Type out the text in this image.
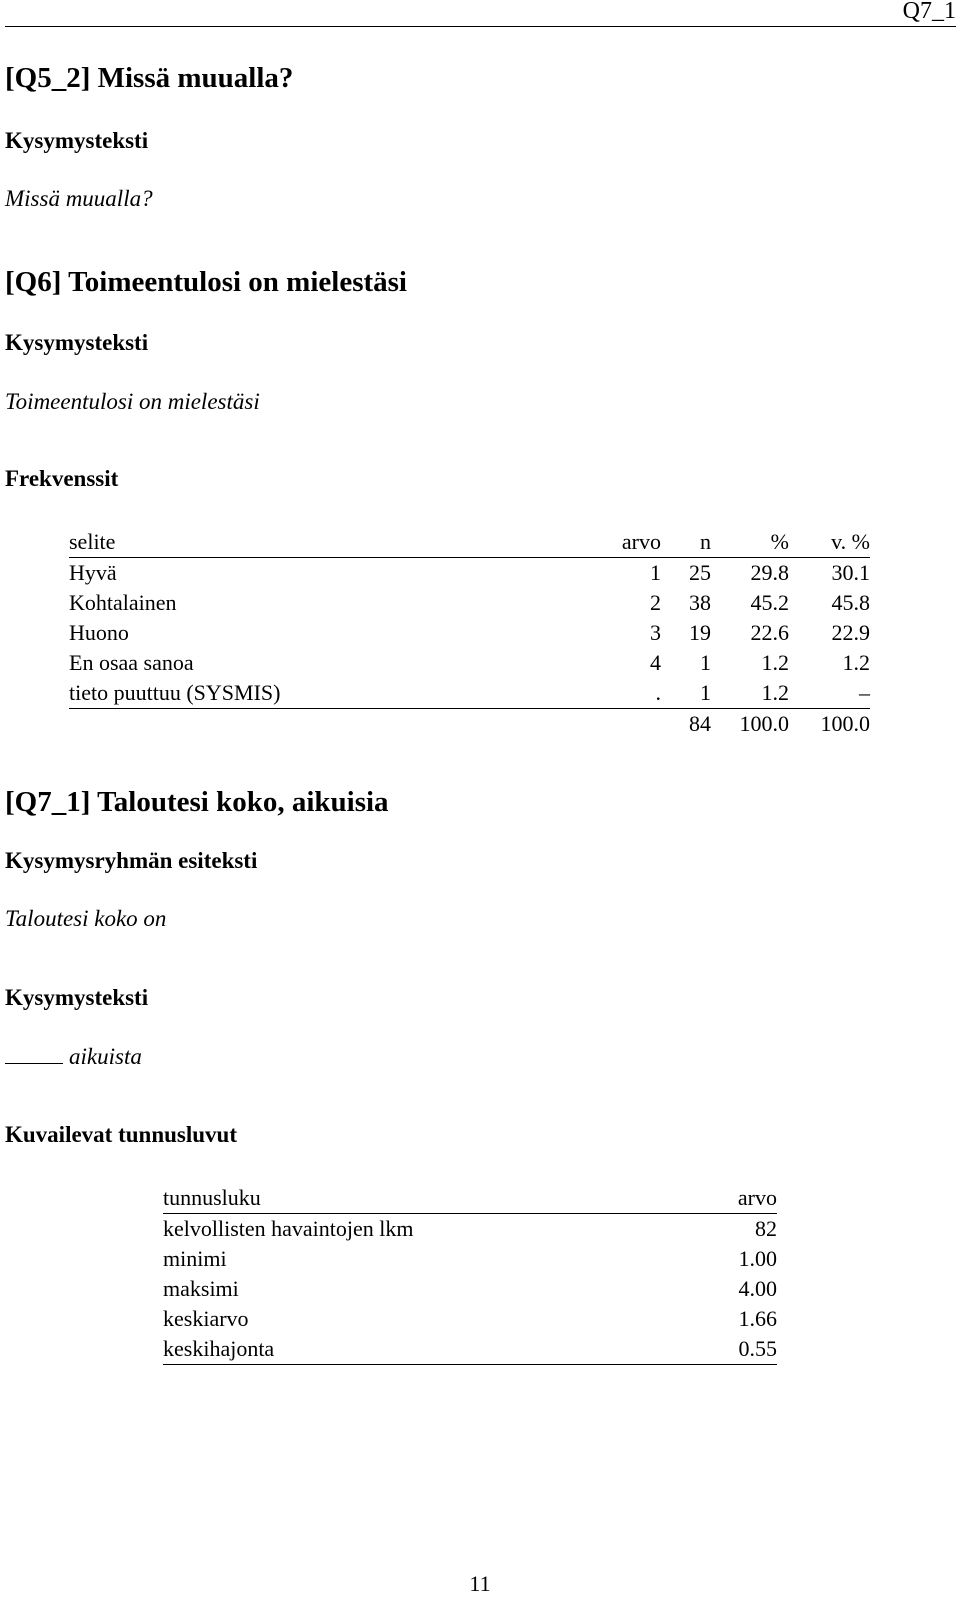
Q7_1
[Q5_2] Missä muualla?
Kysymysteksti
Missä muualla?
[Q6] Toimeentulosi on mielestäsi
Kysymysteksti
Toimeentulosi on mielestäsi
Frekvenssit
selite	arvo	n	%	v. %
Hyvä	1	25	29.8	30.1
Kohtalainen	2	38	45.2	45.8
Huono	3	19	22.6	22.9
En osaa sanoa	4	1	1.2	1.2
tieto puuttuu (SYSMIS)	.	1	1.2	–
		84	100.0	100.0
[Q7_1] Taloutesi koko, aikuisia
Kysymysryhmän esiteksti
Taloutesi koko on
Kysymysteksti
aikuista
Kuvailevat tunnusluvut
tunnusluku	arvo
kelvollisten havaintojen lkm	82
minimi	1.00
maksimi	4.00
keskiarvo	1.66
keskihajonta	0.55
11
